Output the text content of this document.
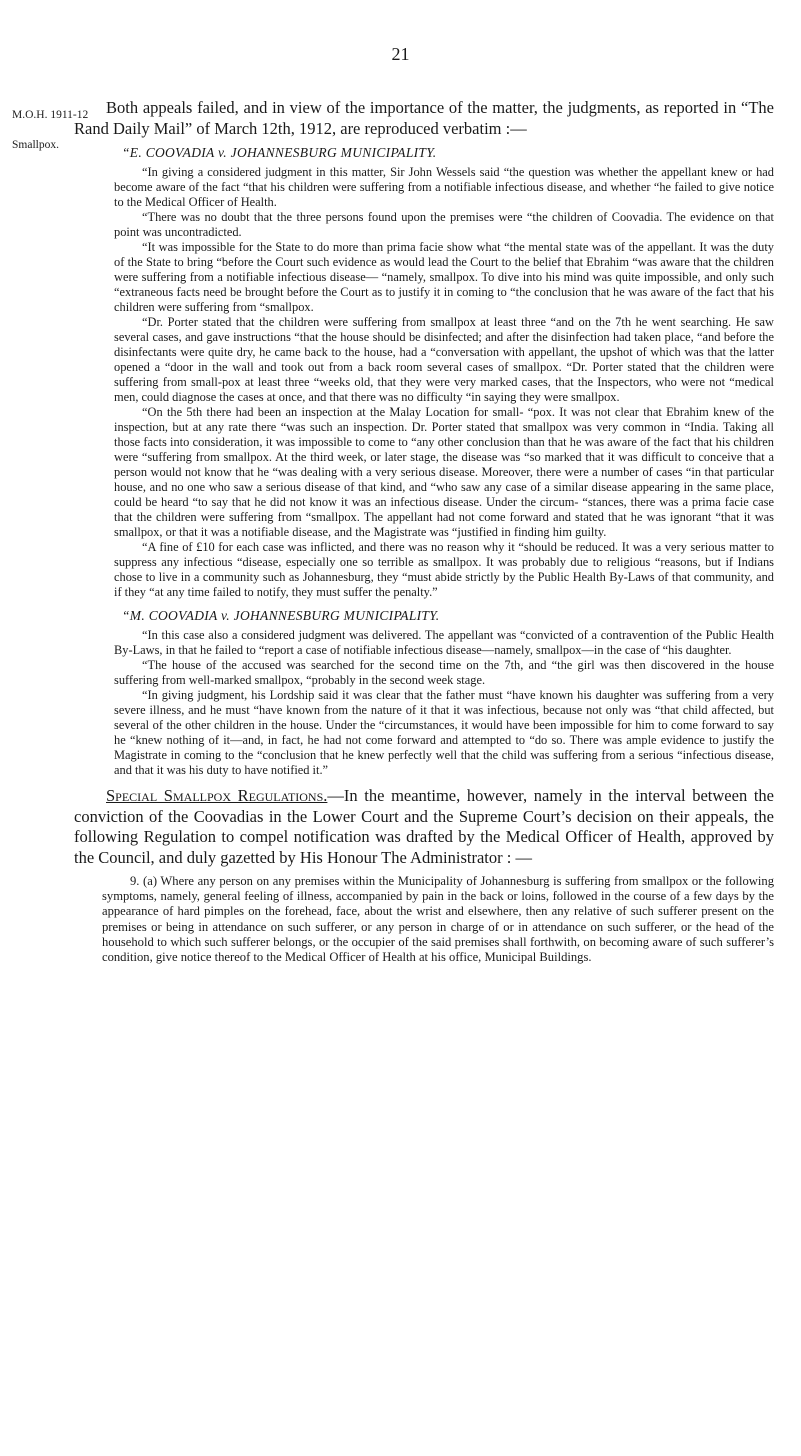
21
M.O.H. 1911-12
Smallpox.

Both appeals failed, and in view of the importance of the matter, the judgments, as reported in “The Rand Daily Mail” of March 12th, 1912, are reproduced verbatim :—

“E. COOVADIA v. JOHANNESBURG MUNICIPALITY.

“In giving a considered judgment in this matter, Sir John Wessels said “the question was whether the appellant knew or had become aware of the fact “that his children were suffering from a notifiable infectious disease, and whether “he failed to give notice to the Medical Officer of Health.

“There was no doubt that the three persons found upon the premises were “the children of Coovadia. The evidence on that point was uncontradicted.

“It was impossible for the State to do more than prima facie show what “the mental state was of the appellant. It was the duty of the State to bring “before the Court such evidence as would lead the Court to the belief that Ebrahim “was aware that the children were suffering from a notifiable infectious disease— “namely, smallpox. To dive into his mind was quite impossible, and only such “extraneous facts need be brought before the Court as to justify it in coming to “the conclusion that he was aware of the fact that his children were suffering from “smallpox.

“Dr. Porter stated that the children were suffering from smallpox at least three “and on the 7th he went searching. He saw several cases, and gave instructions “that the house should be disinfected; and after the disinfection had taken place, “and before the disinfectants were quite dry, he came back to the house, had a “conversation with appellant, the upshot of which was that the latter opened a “door in the wall and took out from a back room several cases of smallpox. “Dr. Porter stated that the children were suffering from small-pox at least three “weeks old, that they were very marked cases, that the Inspectors, who were not “medical men, could diagnose the cases at once, and that there was no difficulty “in saying they were smallpox.

“On the 5th there had been an inspection at the Malay Location for small- “pox. It was not clear that Ebrahim knew of the inspection, but at any rate there “was such an inspection. Dr. Porter stated that smallpox was very common in “India. Taking all those facts into consideration, it was impossible to come to “any other conclusion than that he was aware of the fact that his children were “suffering from smallpox. At the third week, or later stage, the disease was “so marked that it was difficult to conceive that a person would not know that he “was dealing with a very serious disease. Moreover, there were a number of cases “in that particular house, and no one who saw a serious disease of that kind, and “who saw any case of a similar disease appearing in the same place, could be heard “to say that he did not know it was an infectious disease. Under the circum- “stances, there was a prima facie case that the children were suffering from “smallpox. The appellant had not come forward and stated that he was ignorant “that it was smallpox, or that it was a notifiable disease, and the Magistrate was “justified in finding him guilty.

“A fine of £10 for each case was inflicted, and there was no reason why it “should be reduced. It was a very serious matter to suppress any infectious “disease, especially one so terrible as smallpox. It was probably due to religious “reasons, but if Indians chose to live in a community such as Johannesburg, they “must abide strictly by the Public Health By-Laws of that community, and if they “at any time failed to notify, they must suffer the penalty.”

“M. COOVADIA v. JOHANNESBURG MUNICIPALITY.

“In this case also a considered judgment was delivered. The appellant was “convicted of a contravention of the Public Health By-Laws, in that he failed to “report a case of notifiable infectious disease—namely, smallpox—in the case of “his daughter.

“The house of the accused was searched for the second time on the 7th, and “the girl was then discovered in the house suffering from well-marked smallpox, “probably in the second week stage.

“In giving judgment, his Lordship said it was clear that the father must “have known his daughter was suffering from a very severe illness, and he must “have known from the nature of it that it was infectious, because not only was “that child affected, but several of the other children in the house. Under the “circumstances, it would have been impossible for him to come forward to say he “knew nothing of it—and, in fact, he had not come forward and attempted to “do so. There was ample evidence to justify the Magistrate in coming to the “conclusion that he knew perfectly well that the child was suffering from a serious “infectious disease, and that it was his duty to have notified it.”

Special Smallpox Regulations.—In the meantime, however, namely in the interval between the conviction of the Coovadias in the Lower Court and the Supreme Court’s decision on their appeals, the following Regulation to compel notification was drafted by the Medical Officer of Health, approved by the Council, and duly gazetted by His Honour The Administrator : —

9. (a) Where any person on any premises within the Municipality of Johannesburg is suffering from smallpox or the following symptoms, namely, general feeling of illness, accompanied by pain in the back or loins, followed in the course of a few days by the appearance of hard pimples on the forehead, face, about the wrist and elsewhere, then any relative of such sufferer present on the premises or being in attendance on such sufferer, or any person in charge of or in attendance on such sufferer, or the head of the household to which such sufferer belongs, or the occupier of the said premises shall forthwith, on becoming aware of such sufferer’s condition, give notice thereof to the Medical Officer of Health at his office, Municipal Buildings.
